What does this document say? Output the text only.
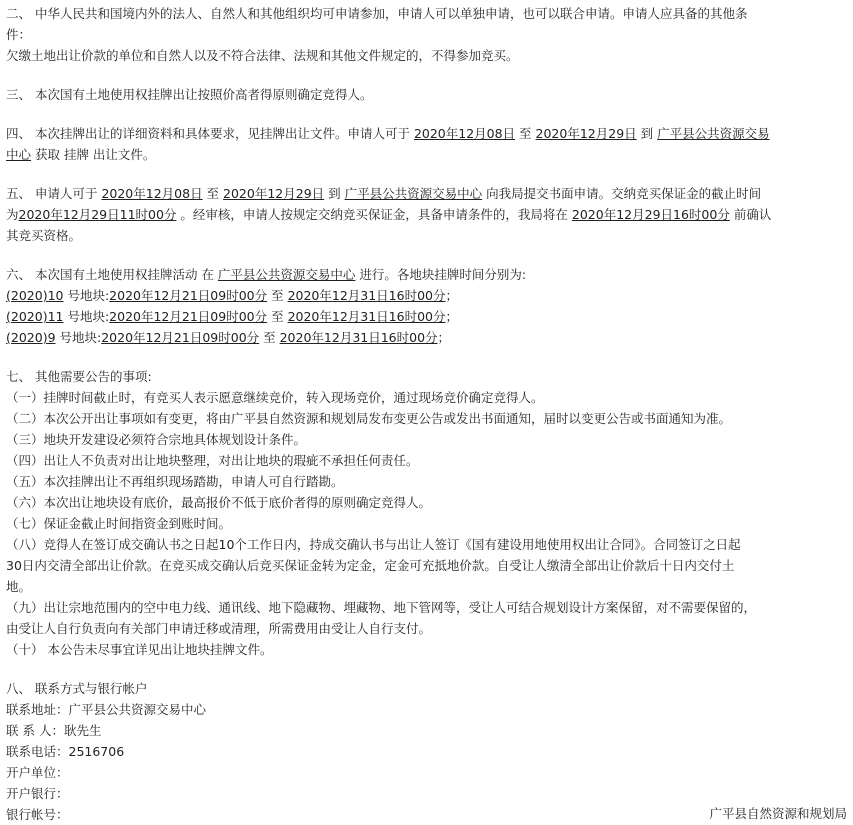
二、 中华人民共和国境内外的法人、自然人和其他组织均可申请参加，申请人可以单独申请，也可以联合申请。申请人应具备的其他条

件：

欠缴土地出让价款的单位和自然人以及不符合法律、法规和其他文件规定的，不得参加竞买。

三、 本次国有土地使用权挂牌出让按照价高者得原则确定竞得人。

四、 本次挂牌出让的详细资料和具体要求，见挂牌出让文件。申请人可于 2020年12月08日 至 2020年12月29日 到 广平县公共资源交易

中心 获取 挂牌 出让文件。

五、 申请人可于 2020年12月08日 至 2020年12月29日 到 广平县公共资源交易中心 向我局提交书面申请。交纳竞买保证金的截止时间

为2020年12月29日11时00分 。经审核，申请人按规定交纳竞买保证金，具备申请条件的，我局将在 2020年12月29日16时00分 前确认

其竞买资格。

六、 本次国有土地使用权挂牌活动 在 广平县公共资源交易中心 进行。各地块挂牌时间分别为:

(2020)10 号地块:2020年12月21日09时00分 至 2020年12月31日16时00分；

(2020)11 号地块:2020年12月21日09时00分 至 2020年12月31日16时00分；

(2020)9 号地块:2020年12月21日09时00分 至 2020年12月31日16时00分；

七、 其他需要公告的事项:

（一）挂牌时间截止时，有竞买人表示愿意继续竞价，转入现场竞价，通过现场竞价确定竞得人。

（二）本次公开出让事项如有变更，将由广平县自然资源和规划局发布变更公告或发出书面通知，届时以变更公告或书面通知为准。

（三）地块开发建设必须符合宗地具体规划设计条件。

（四）出让人不负责对出让地块整理，对出让地块的瑕疵不承担任何责任。

（五）本次挂牌出让不再组织现场踏勘，申请人可自行踏勘。

（六）本次出让地块设有底价，最高报价不低于底价者得的原则确定竞得人。

（七）保证金截止时间指资金到账时间。

（八）竞得人在签订成交确认书之日起10个工作日内，持成交确认书与出让人签订《国有建设用地使用权出让合同》。合同签订之日起

30日内交清全部出让价款。在竞买成交确认后竞买保证金转为定金，定金可充抵地价款。自受让人缴清全部出让价款后十日内交付土

地。

（九）出让宗地范围内的空中电力线、通讯线、地下隐藏物、埋藏物、地下管网等，受让人可结合规划设计方案保留，对不需要保留的，

由受让人自行负责向有关部门申请迁移或清理，所需费用由受让人自行支付。

（十） 本公告未尽事宜详见出让地块挂牌文件。

八、 联系方式与银行帐户

联系地址：广平县公共资源交易中心

联 系 人：耿先生

联系电话：2516706

开户单位：

开户银行：

银行帐号：	广平县自然资源和规划局
